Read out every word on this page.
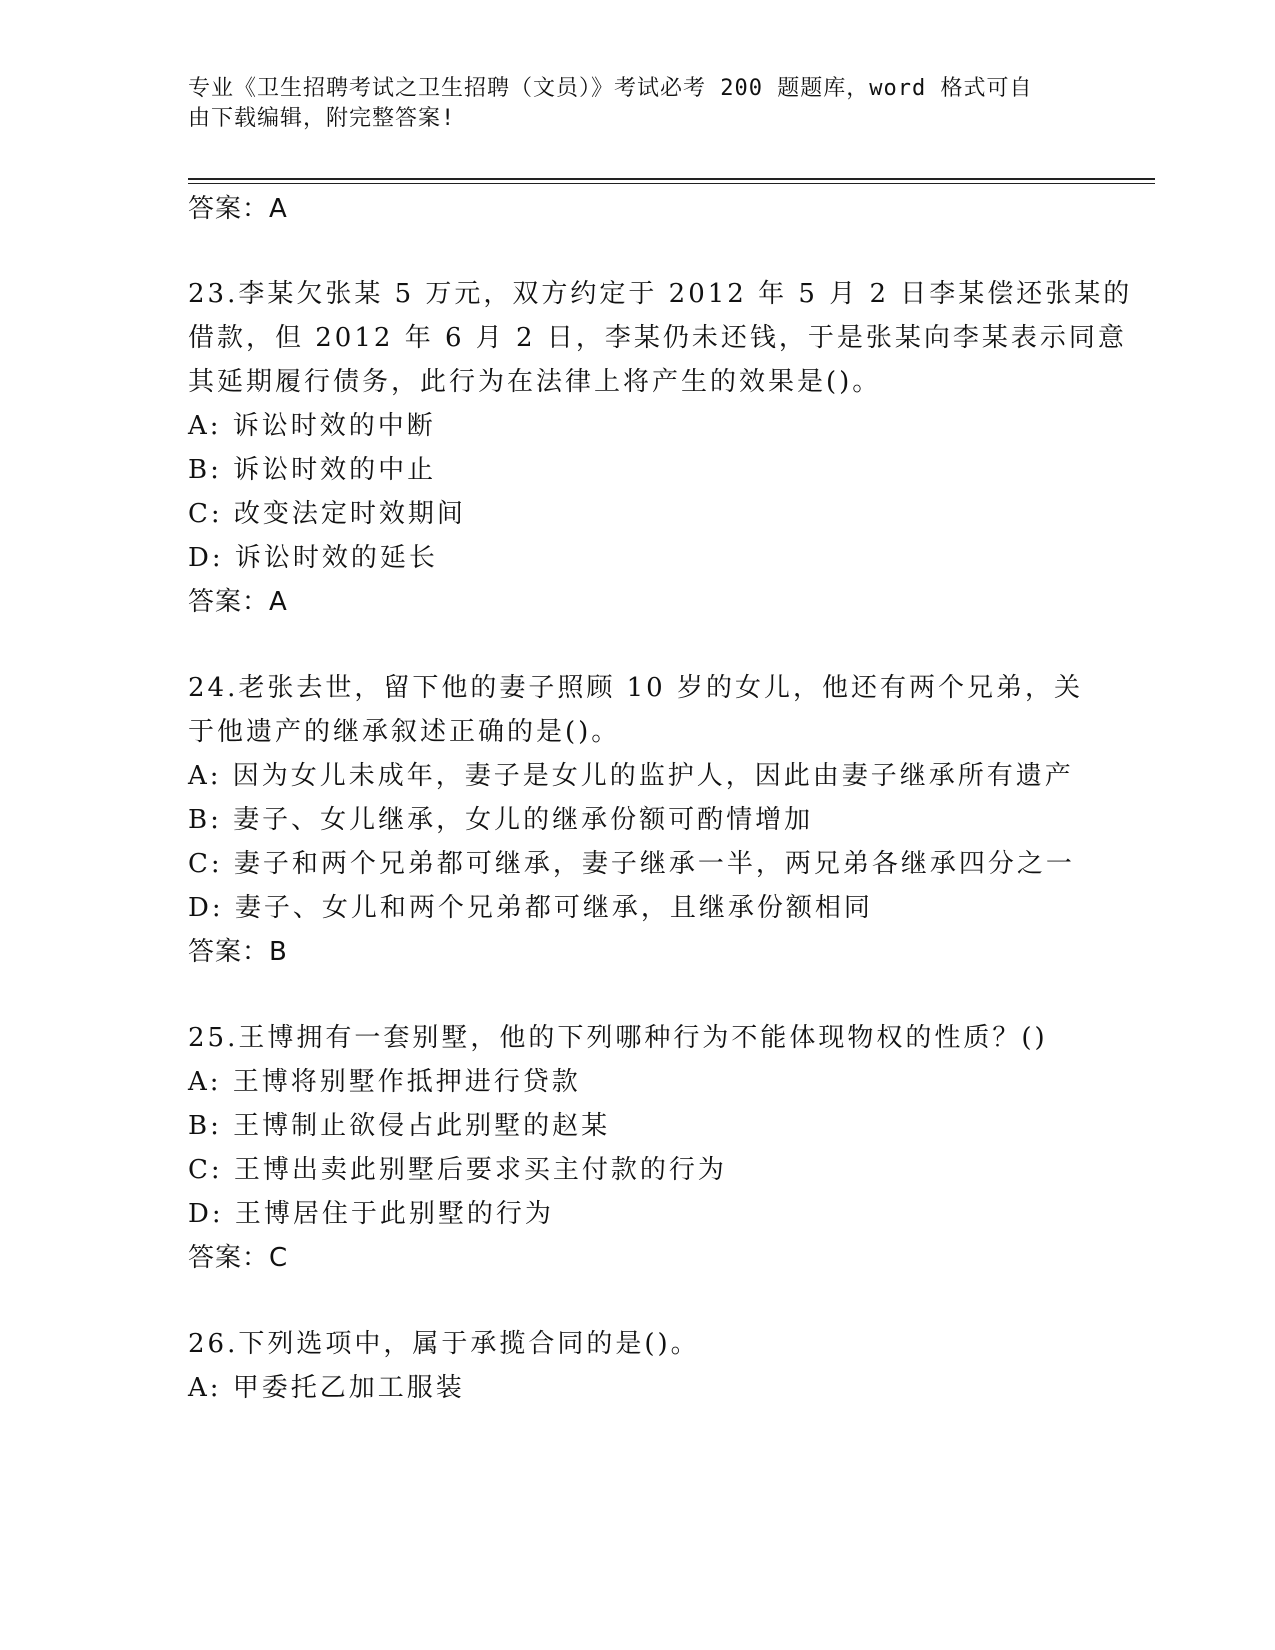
专业《卫生招聘考试之卫生招聘（文员）》考试必考 200 题题库，word 格式可自
由下载编辑，附完整答案!
答案：A
23.李某欠张某 5 万元，双方约定于 2012 年 5 月 2 日李某偿还张某的
借款，但 2012 年 6 月 2 日，李某仍未还钱，于是张某向李某表示同意
其延期履行债务，此行为在法律上将产生的效果是()。
A: 诉讼时效的中断
B: 诉讼时效的中止
C: 改变法定时效期间
D: 诉讼时效的延长
答案：A
24.老张去世，留下他的妻子照顾 10 岁的女儿，他还有两个兄弟，关
于他遗产的继承叙述正确的是()。
A: 因为女儿未成年，妻子是女儿的监护人，因此由妻子继承所有遗产
B: 妻子、女儿继承，女儿的继承份额可酌情增加
C: 妻子和两个兄弟都可继承，妻子继承一半，两兄弟各继承四分之一
D: 妻子、女儿和两个兄弟都可继承，且继承份额相同
答案：B
25.王博拥有一套别墅，他的下列哪种行为不能体现物权的性质？()
A: 王博将别墅作抵押进行贷款
B: 王博制止欲侵占此别墅的赵某
C: 王博出卖此别墅后要求买主付款的行为
D: 王博居住于此别墅的行为
答案：C
26.下列选项中，属于承揽合同的是()。
A: 甲委托乙加工服装
